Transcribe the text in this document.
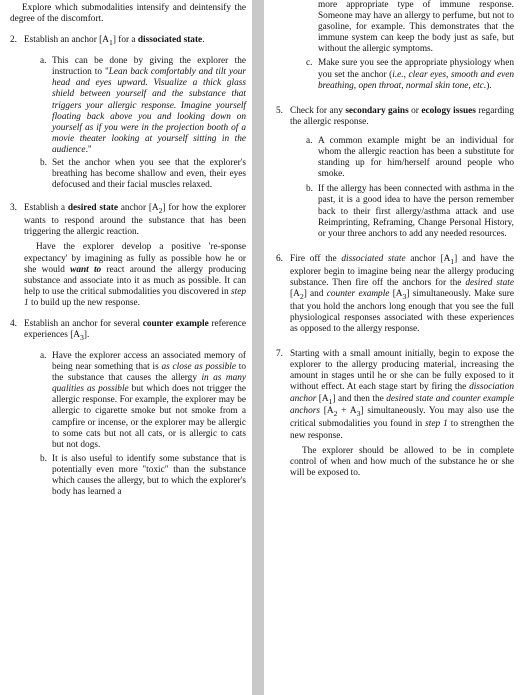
Explore which submodalities intensify and deintensify the degree of the discomfort.

2. Establish an anchor $[A_1]$ for a dissociated state.
a. This can be done by giving the explorer the instruction to "Lean back comfortably and tilt your head and eyes upward. Visualize a thick glass shield between yourself and the substance that triggers your allergic response. Imagine yourself floating back above you and looking down on yourself as if you were in the projection booth of a movie theater looking at yourself sitting in the audience."
b. Set the anchor when you see that the explorer's breathing has become shallow and even, their eyes defocused and their facial muscles relaxed.
3. Establish a desired state anchor $[A_2]$ for how the explorer wants to respond around the substance that has been triggering the allergic reaction.

Have the explorer develop a positive 're-sponse expectancy' by imagining as fully as possible how he or she would want to react around the allergy producing substance and associate into it as much as possible. It can help to use the critical submodalities you discovered in step 1 to build up the new response.

4. Establish an anchor for several counter example reference experiences $[A_3]$.
a. Have the explorer access an associated memory of being near something that is as close as possible to the substance that causes the allergy in as many qualities as possible but which does not trigger the allergic response. For example, the explorer may be allergic to cigarette smoke but not smoke from a campfire or incense, or the explorer may be allergic to some cats but not all cats, or is allergic to cats but not dogs.
b. It is also useful to identify some substance that is potentially even more "toxic" than the substance which causes the allergy, but to which the explorer's body has learned a

more appropriate type of immune response. Someone may have an allergy to perfume, but not to gasoline, for example. This demonstrates that the immune system can keep the body just as safe, but without the allergic symptoms.

c. Make sure you see the appropriate physiology when you set the anchor (i.e., clear eyes, smooth and even breathing, open throat, normal skin tone, etc.).
5. Check for any secondary gains or ecology issues regarding the allergic response.
a. A common example might be an individual for whom the allergic reaction has been a substitute for standing up for him/herself around people who smoke.
b. If the allergy has been connected with asthma in the past, it is a good idea to have the person remember back to their first allergy/asthma attack and use Reimprinting, Reframing, Change Personal History, or your three anchors to add any needed resources.
6. Fire off the dissociated state anchor $[A_1]$ and have the explorer begin to imagine being near the allergy producing substance. Then fire off the anchors for the desired state $[A_2]$ and counter example $[A_3]$ simultaneously. Make sure that you hold the anchors long enough that you see the full physiological responses associated with these experiences as opposed to the allergy response.
7. Starting with a small amount initially, begin to expose the explorer to the allergy producing material, increasing the amount in stages until he or she can be fully exposed to it without effect. At each stage start by firing the dissociation anchor $[A_1]$ and then the desired state and counter example anchors $[A_2 + A_3]$ simultaneously. You may also use the critical submodalities you found in step 1 to strengthen the new response.

The explorer should be allowed to be in complete control of when and how much of the substance he or she will be exposed to.
